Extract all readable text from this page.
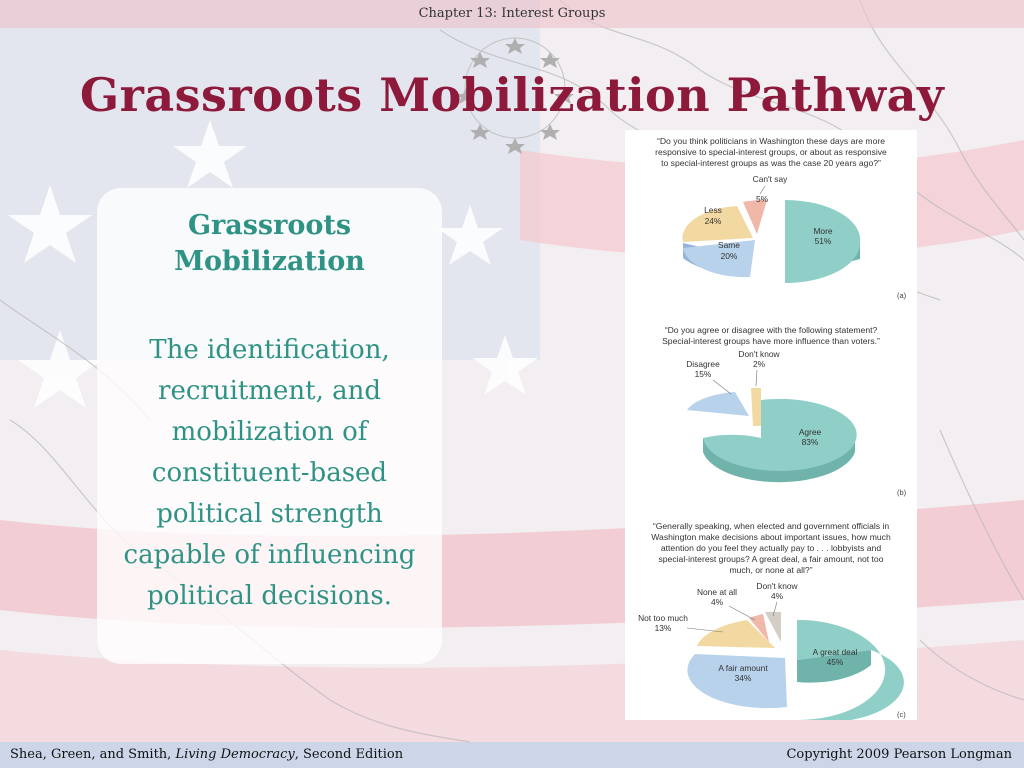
Chapter 13: Interest Groups
Grassroots Mobilization Pathway
Grassroots
Mobilization
The identification, recruitment, and mobilization of constituent-based political strength capable of influencing political decisions.
“Do you think politicians in Washington these days are more
responsive to special-interest groups, or about as responsive
to special-interest groups as was the case 20 years ago?”
More
51%
Same
20%
Less
24%
Can't say
5%
(a)
“Do you agree or disagree with the following statement?
Special-interest groups have more influence than voters.”
Agree
83%
Disagree
15%
Don't know
2%
(b)
“Generally speaking, when elected and government officials in
Washington make decisions about important issues, how much
attention do you feel they actually pay to . . . lobbyists and
special-interest groups? A great deal, a fair amount, not too
much, or none at all?”
A great deal
45%
A fair amount
34%
Not too much
13%
None at all
4%
Don't know
4%
(c)
Shea, Green, and Smith, Living Democracy, Second Edition	Copyright 2009 Pearson Longman
